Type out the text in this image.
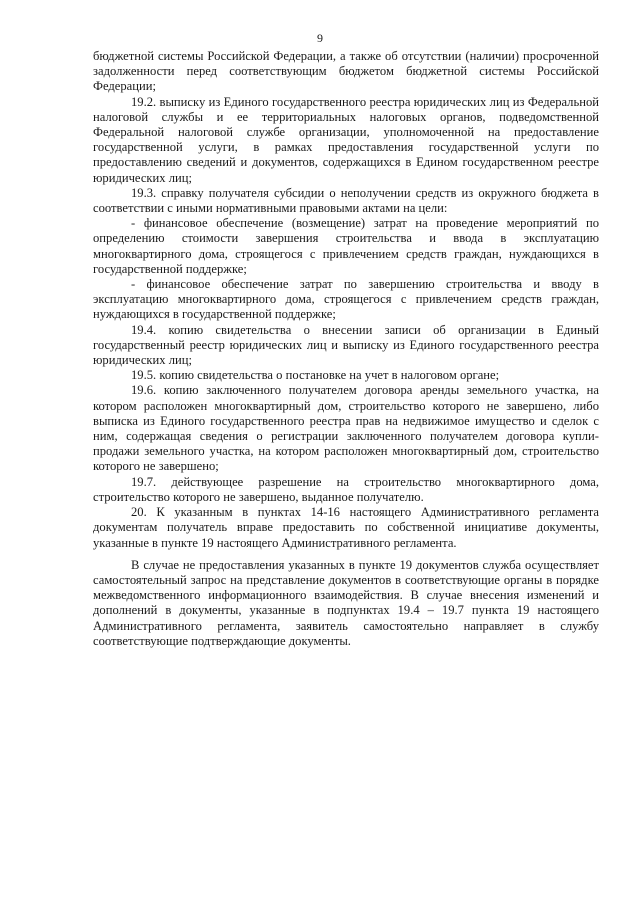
9

бюджетной системы Российской Федерации, а также об отсутствии (наличии) просроченной задолженности перед соответствующим бюджетом бюджетной системы Российской Федерации;

19.2. выписку из Единого государственного реестра юридических лиц из Федеральной налоговой службы и ее территориальных налоговых органов, подведомственной Федеральной налоговой службе организации, уполномоченной на предоставление государственной услуги, в рамках предоставления государственной услуги по предоставлению сведений и документов, содержащихся в Едином государственном реестре юридических лиц;

19.3. справку получателя субсидии о неполучении средств из окружного бюджета в соответствии с иными нормативными правовыми актами на цели:

- финансовое обеспечение (возмещение) затрат на проведение мероприятий по определению стоимости завершения строительства и ввода в эксплуатацию многоквартирного дома, строящегося с привлечением средств граждан, нуждающихся в государственной поддержке;

- финансовое обеспечение затрат по завершению строительства и вводу в эксплуатацию многоквартирного дома, строящегося с привлечением средств граждан, нуждающихся в государственной поддержке;

19.4. копию свидетельства о внесении записи об организации в Единый государственный реестр юридических лиц и выписку из Единого государственного реестра юридических лиц;

19.5. копию свидетельства о постановке на учет в налоговом органе;

19.6. копию заключенного получателем договора аренды земельного участка, на котором расположен многоквартирный дом, строительство которого не завершено, либо выписка из Единого государственного реестра прав на недвижимое имущество и сделок с ним, содержащая сведения о регистрации заключенного получателем договора купли-продажи земельного участка, на котором расположен многоквартирный дом, строительство которого не завершено;

19.7. действующее разрешение на строительство многоквартирного дома, строительство которого не завершено, выданное получателю.

20. К указанным в пунктах 14-16 настоящего Административного регламента документам получатель вправе предоставить по собственной инициативе документы, указанные в пункте 19 настоящего Административного регламента.

В случае не предоставления указанных в пункте 19 документов служба осуществляет самостоятельный запрос на представление документов в соответствующие органы в порядке межведомственного информационного взаимодействия. В случае внесения изменений и дополнений в документы, указанные в подпунктах 19.4 – 19.7 пункта 19 настоящего Административного регламента, заявитель самостоятельно направляет в службу соответствующие подтверждающие документы.
